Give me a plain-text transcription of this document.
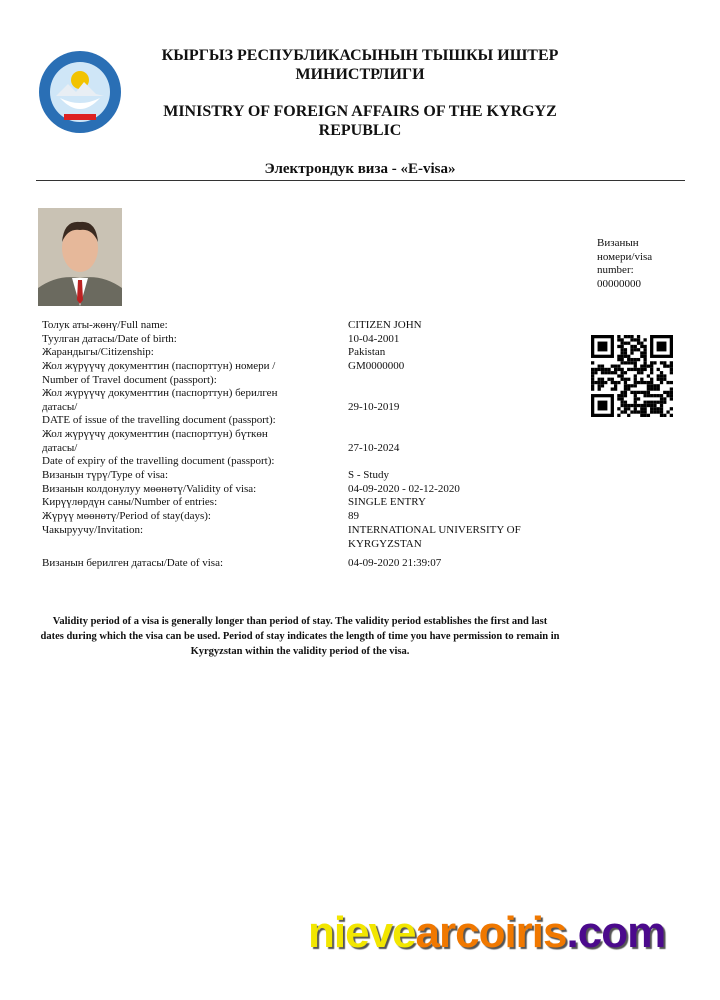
КЫРГЫЗ РЕСПУБЛИКАСЫНЫН ТЫШКЫ ИШТЕР
МИНИСТРЛИГИ
MINISTRY OF FOREIGN AFFAIRS OF THE KYRGYZ
REPUBLIC
Электрондук виза - «E-visa»
Визанын
номери/visa
number:
00000000
Толук аты-жөнү/Full name:	CITIZEN JOHN
Туулган датасы/Date of birth:	10-04-2001
Жарандыгы/Citizenship:	Pakistan
Жол жүрүүчү документтин (паспорттун) номери /
Number of Travel document (passport):
GM0000000
Жол жүрүүчү документтин (паспорттун) берилген
датасы/
DATE of issue of the travelling document (passport):
29-10-2019
Жол жүрүүчү документтин (паспорттун) бүткөн
датасы/
Date of expiry of the travelling document (passport):
27-10-2024
Визанын түрү/Type of visa:	S - Study
Визанын колдонулуу мөөнөтү/Validity of visa:	04-09-2020 - 02-12-2020
Кирүүлөрдүн саны/Number of entries:	SINGLE ENTRY
Жүрүү мөөнөтү/Period of stay(days):	89
Чакыруучу/Invitation:	INTERNATIONAL UNIVERSITY OF
KYRGYZSTAN
Визанын берилген датасы/Date of visa:	04-09-2020 21:39:07
Validity period of a visa is generally longer than period of stay. The validity period establishes the first and last dates during which the visa can be used. Period of stay indicates the length of time you have permission to remain in Kyrgyzstan within the validity period of the visa.
nievearcoiris.com
